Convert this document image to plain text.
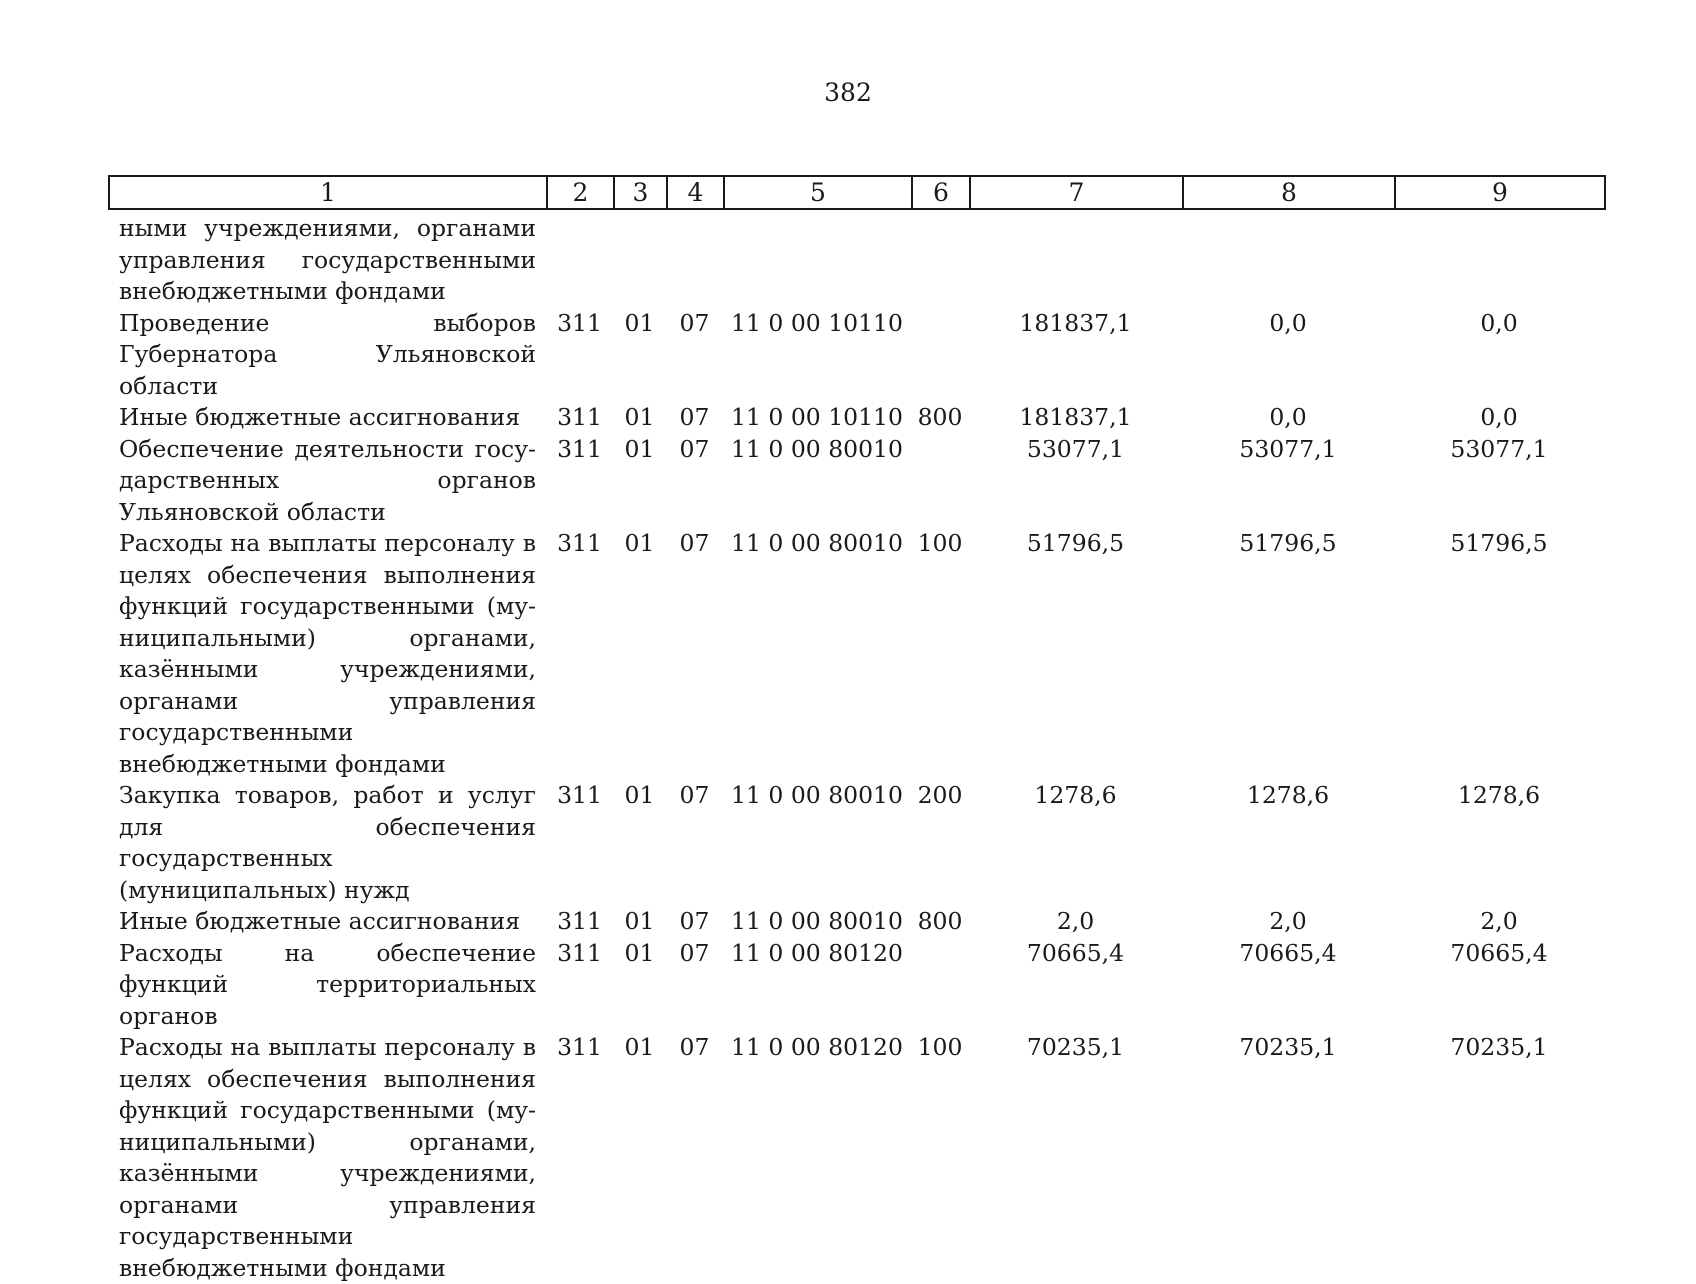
382
1	2	3	4	5	6	7	8	9
ными учреждениями, органами управления государственными внебюджетными фондами								
Проведение выборов Губернатора Ульяновской области	311	01	07	11 0 00 10110		181837,1	0,0	0,0
Иные бюджетные ассигнования	311	01	07	11 0 00 10110	800	181837,1	0,0	0,0
Обеспечение деятельности государственных органов Ульяновской области	311	01	07	11 0 00 80010		53077,1	53077,1	53077,1
Расходы на выплаты персоналу в целях обеспечения выполнения функций государственными (муниципальными) органами, казёнными учреждениями, органами управления государственными внебюджетными фондами	311	01	07	11 0 00 80010	100	51796,5	51796,5	51796,5
Закупка товаров, работ и услуг для обеспечения государственных (муниципальных) нужд	311	01	07	11 0 00 80010	200	1278,6	1278,6	1278,6
Иные бюджетные ассигнования	311	01	07	11 0 00 80010	800	2,0	2,0	2,0
Расходы на обеспечение функций территориальных органов	311	01	07	11 0 00 80120		70665,4	70665,4	70665,4
Расходы на выплаты персоналу в целях обеспечения выполнения функций государственными (муниципальными) органами, казёнными учреждениями, органами управления государственными внебюджетными фондами	311	01	07	11 0 00 80120	100	70235,1	70235,1	70235,1
